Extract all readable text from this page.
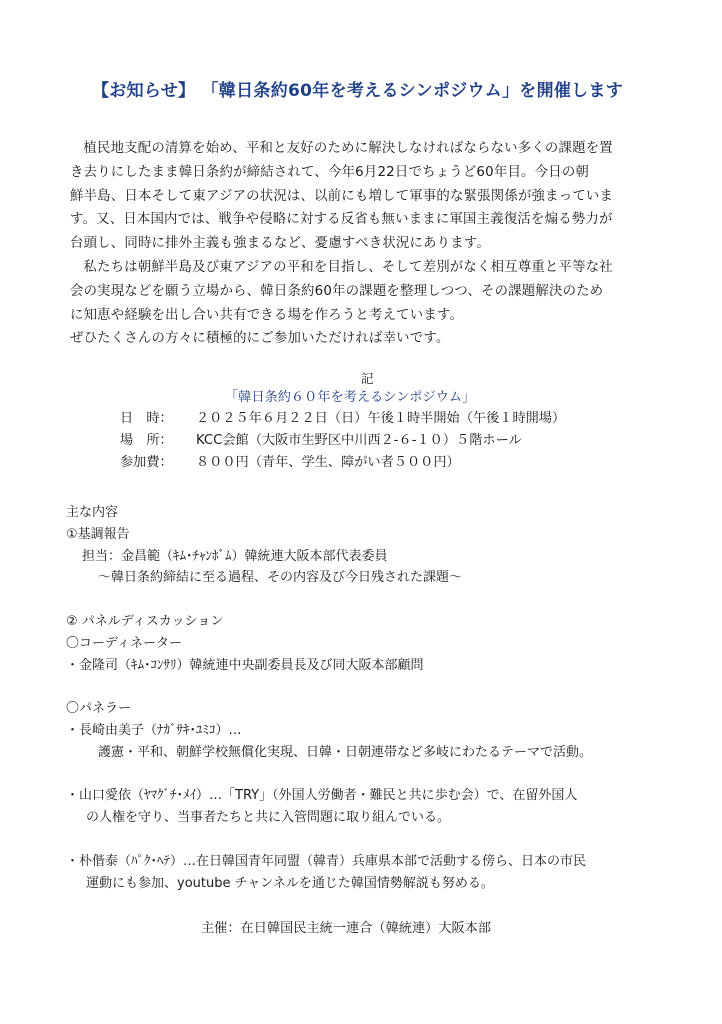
【お知らせ】 「韓日条約60年を考えるシンポジウム」を開催します

植民地支配の清算を始め、平和と友好のために解決しなければならない多くの課題を置

き去りにしたまま韓日条約が締結されて、今年6月22日でちょうど60年目。今日の朝

鮮半島、日本そして東アジアの状況は、以前にも増して軍事的な緊張関係が強まっていま

す。又、日本国内では、戦争や侵略に対する反省も無いままに軍国主義復活を煽る勢力が

台頭し、同時に排外主義も強まるなど、憂慮すべき状況にあります。

私たちは朝鮮半島及び東アジアの平和を目指し、そして差別がなく相互尊重と平等な社

会の実現などを願う立場から、韓日条約60年の課題を整理しつつ、その課題解決のため

に知恵や経験を出し合い共有できる場を作ろうと考えています。

ぜひたくさんの方々に積極的にご参加いただければ幸いです。

記
「韓日条約６０年を考えるシンポジウム」
日　時： ２０２５年６月２２日（日）午後１時半開始（午後１時開場）
場　所： KCC会館（大阪市生野区中川西２-６-１０）５階ホール
参加費： ８００円（青年、学生、障がい者５００円）

主な内容

①基調報告

担当：金昌範（ｷﾑ･ﾁｬﾝﾎﾞﾑ）韓統連大阪本部代表委員

～韓日条約締結に至る過程、その内容及び今日残された課題～

② パネルディスカッション

〇コーディネーター

・金隆司（ｷﾑ･ｺﾝｻﾘ）韓統連中央副委員長及び同大阪本部顧問

〇パネラー

・長崎由美子（ﾅｶﾞｻｷ･ﾕﾐｺ）…

護憲・平和、朝鮮学校無償化実現、日韓・日朝連帯など多岐にわたるテーマで活動。

・山口愛依（ﾔﾏｸﾞﾁ･ﾒｲ）…「TRY」（外国人労働者・難民と共に歩む会）で、在留外国人

の人権を守り、当事者たちと共に入管問題に取り組んでいる。

・朴偕泰（ﾊﾟｸ･ﾍﾃ）…在日韓国青年同盟（韓青）兵庫県本部で活動する傍ら、日本の市民

運動にも参加、youtube チャンネルを通じた韓国情勢解説も努める。

主催：在日韓国民主統一連合（韓統連）大阪本部
